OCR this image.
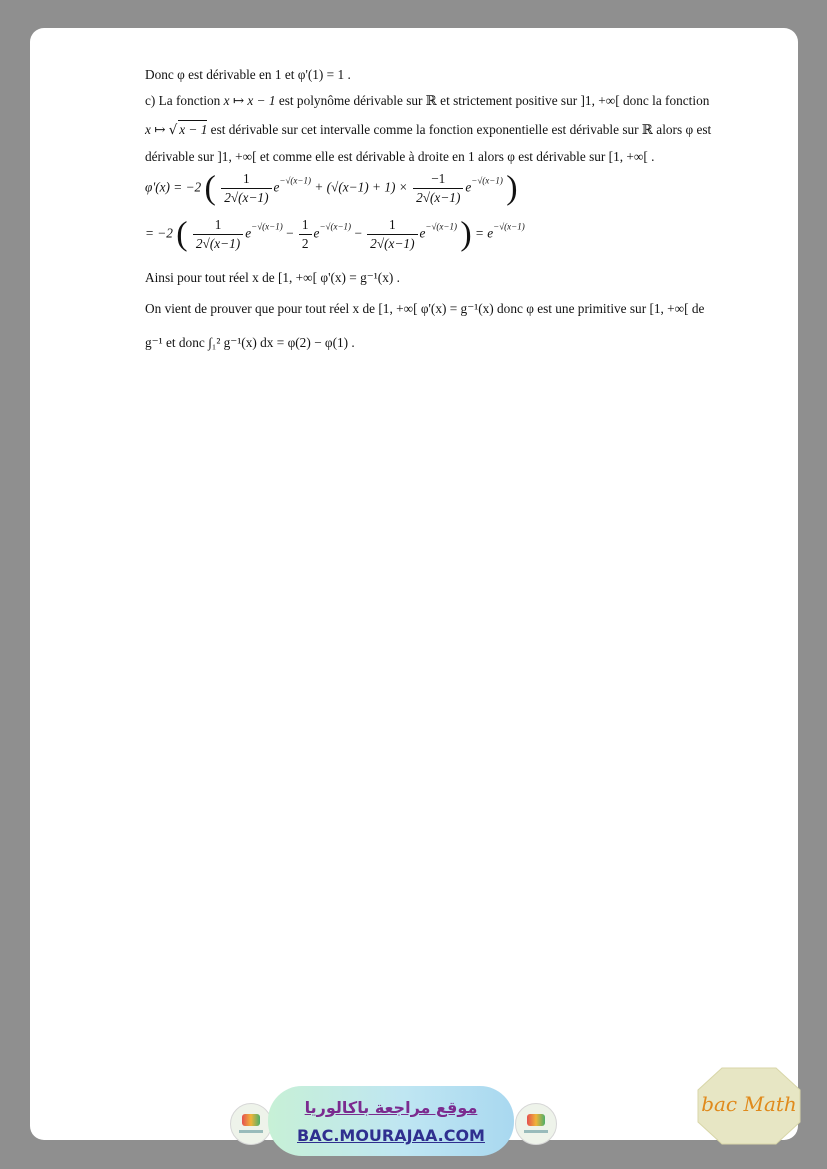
Donc φ est dérivable en 1 et φ'(1) = 1 .
c) La fonction x ↦ x − 1 est polynôme dérivable sur ℝ et strictement positive sur ]1, +∞[ donc la fonction
x ↦ √ x − 1 est dérivable sur cet intervalle comme la fonction exponentielle est dérivable sur ℝ alors φ est
dérivable sur ]1, +∞[ et comme elle est dérivable à droite en 1 alors φ est dérivable sur [1, +∞[ .
φ'(x) = −2 ( $\frac{1}{2√(x-1)} e^{-√(x-1)} + (√(x-1) + 1) \times \frac{-1}{2√(x-1)} e^{-√(x-1)}$ )
= −2 ( $\frac{1}{2√(x-1)} e^{-√(x-1)} - \frac{1}{2} e^{-√(x-1)} - \frac{1}{2√(x-1)} e^{-√(x-1)}$ ) = $e^{-√(x-1)}$
Ainsi pour tout réel x de [1, +∞[ φ'(x) = g⁻¹(x) .
On vient de prouver que pour tout réel x de [1, +∞[ φ'(x) = g⁻¹(x) donc φ est une primitive sur [1, +∞[ de
g⁻¹ et donc ∫₁² g⁻¹(x) dx = φ(2) − φ(1) .
موقع مراجعة باكالوريا
BAC.MOURAJAA.COM
bac Math
